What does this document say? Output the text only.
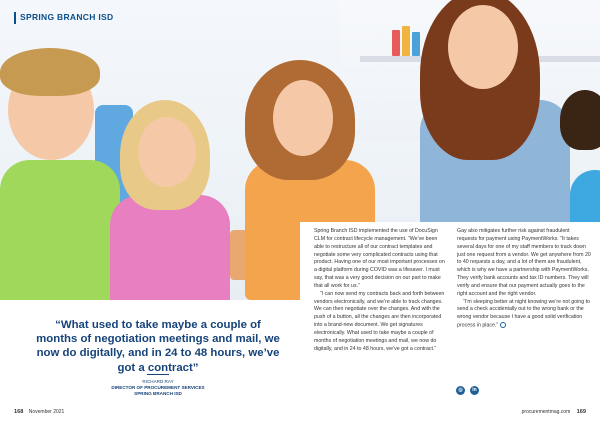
SPRING BRANCH ISD
“What used to take maybe a couple of months of negotiation meetings and mail, we now do digitally, and in 24 to 48 hours, we’ve got a contract”
RICHARD RAY
DIRECTOR OF PROCUREMENT SERVICES
SPRING BRANCH ISD

Spring Branch ISD implemented the use of DocuSign CLM for contract lifecycle management. “We’ve been able to restructure all of our contract templates and negotiate some very complicated contracts using that product. Having one of our most important processes on a digital platform during COVID was a lifesaver. I must say, that was a very good decision on our part to make that all work for us.”

“I can now send my contracts back and forth between vendors electronically, and we’re able to track changes. We can then negotiate over the changes. And with the push of a button, all the changes are then incorporated into a brand-new document. We get signatures electronically. What used to take maybe a couple of months of negotiation meetings and mail, we now do digitally, and in 24 to 48 hours, we’ve got a contract.”

Gay also mitigates further risk against fraudulent requests for payment using PaymentWorks. “It takes several days for one of my staff members to track down just one request from a vendor. We get anywhere from 20 to 40 requests a day, and a lot of them are fraudulent, which is why we have a partnership with PaymentWorks. They verify bank accounts and tax ID numbers. They will verify and ensure that our payment actually goes to the right account and the right vendor.

“I’m sleeping better at night knowing we’re not going to send a check accidentally out to the wrong bank or the wrong vendor because I have a good solid verification process in place.”

◎	in
168 November 2021	procurementmag.com 169
